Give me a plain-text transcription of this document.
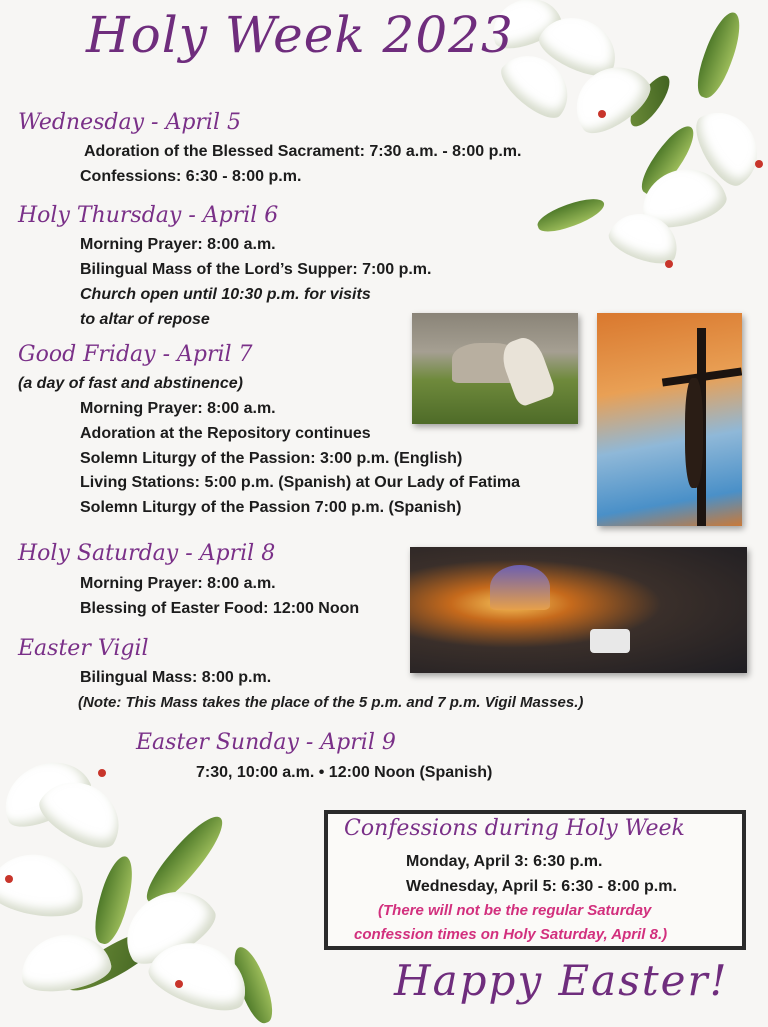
Holy Week 2023
Wednesday - April 5
Adoration of the Blessed Sacrament: 7:30 a.m. - 8:00 p.m.
Confessions: 6:30 - 8:00 p.m.
Holy Thursday - April 6
Morning Prayer: 8:00 a.m.
Bilingual Mass of the Lord’s Supper: 7:00 p.m.
Church open until 10:30 p.m. for visits
to altar of repose
Good Friday - April 7
(a day of fast and abstinence)
Morning Prayer: 8:00 a.m.
Adoration at the Repository continues
Solemn Liturgy of the Passion: 3:00 p.m. (English)
Living Stations: 5:00 p.m. (Spanish) at Our Lady of Fatima
Solemn Liturgy of the Passion 7:00 p.m. (Spanish)
Holy Saturday - April 8
Morning Prayer: 8:00 a.m.
Blessing of Easter Food: 12:00 Noon
Easter Vigil
Bilingual Mass: 8:00 p.m.
(Note: This Mass takes the place of the 5 p.m. and 7 p.m. Vigil Masses.)
Easter Sunday - April 9
7:30, 10:00 a.m. • 12:00 Noon (Spanish)
Confessions during Holy Week
Monday, April 3: 6:30 p.m.
Wednesday, April 5: 6:30 - 8:00 p.m.
(There will not be the regular Saturday
confession times on Holy Saturday, April 8.)
Happy Easter!
